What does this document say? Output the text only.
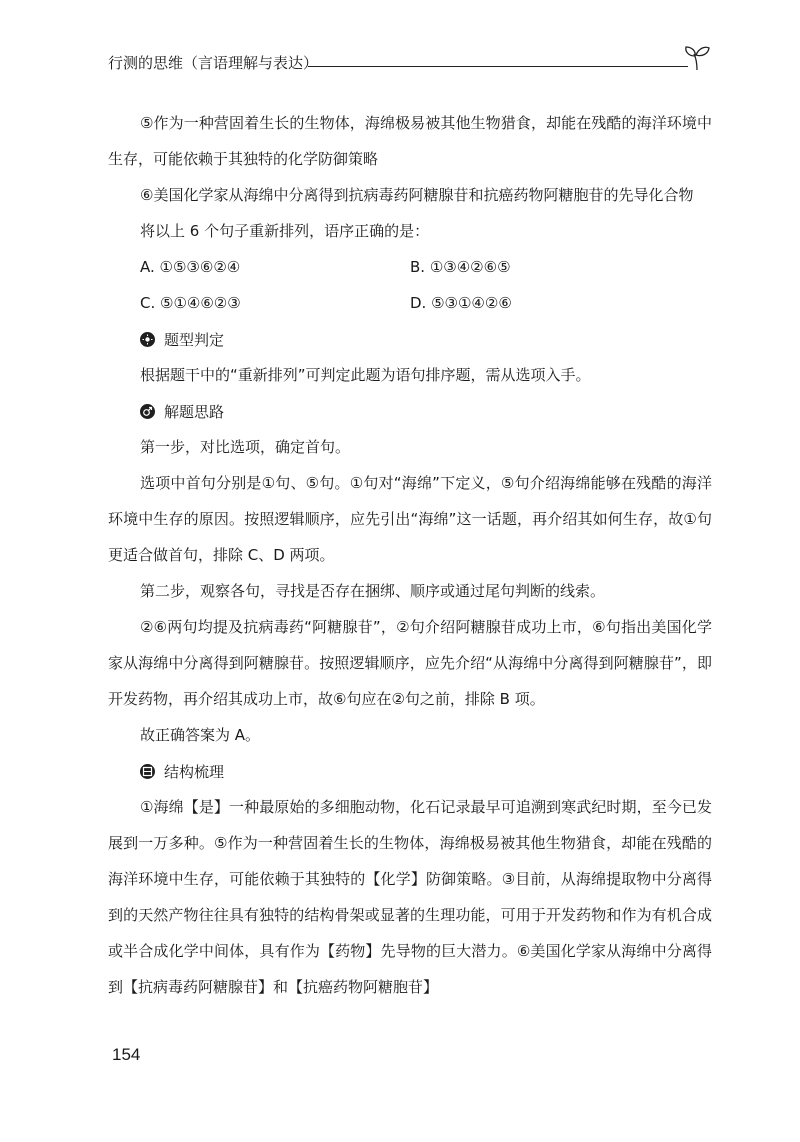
行测的思维（言语理解与表达）
⑤作为一种营固着生长的生物体，海绵极易被其他生物猎食，却能在残酷的海洋环境中生存，可能依赖于其独特的化学防御策略
⑥美国化学家从海绵中分离得到抗病毒药阿糖腺苷和抗癌药物阿糖胞苷的先导化合物
将以上 6 个句子重新排列，语序正确的是：
A. ①⑤③⑥②④	B. ①③④②⑥⑤
C. ⑤①④⑥②③	D. ⑤③①④②⑥
题型判定
根据题干中的“重新排列”可判定此题为语句排序题，需从选项入手。
解题思路
第一步，对比选项，确定首句。
选项中首句分别是①句、⑤句。①句对“海绵”下定义，⑤句介绍海绵能够在残酷的海洋环境中生存的原因。按照逻辑顺序，应先引出“海绵”这一话题，再介绍其如何生存，故①句更适合做首句，排除 C、D 两项。
第二步，观察各句，寻找是否存在捆绑、顺序或通过尾句判断的线索。
②⑥两句均提及抗病毒药“阿糖腺苷”，②句介绍阿糖腺苷成功上市，⑥句指出美国化学家从海绵中分离得到阿糖腺苷。按照逻辑顺序，应先介绍“从海绵中分离得到阿糖腺苷”，即开发药物，再介绍其成功上市，故⑥句应在②句之前，排除 B 项。
故正确答案为 A。
结构梳理
①海绵【是】一种最原始的多细胞动物，化石记录最早可追溯到寒武纪时期，至今已发展到一万多种。⑤作为一种营固着生长的生物体，海绵极易被其他生物猎食，却能在残酷的海洋环境中生存，可能依赖于其独特的【化学】防御策略。③目前，从海绵提取物中分离得到的天然产物往往具有独特的结构骨架或显著的生理功能，可用于开发药物和作为有机合成或半合成化学中间体，具有作为【药物】先导物的巨大潜力。⑥美国化学家从海绵中分离得到【抗病毒药阿糖腺苷】和【抗癌药物阿糖胞苷】
154
